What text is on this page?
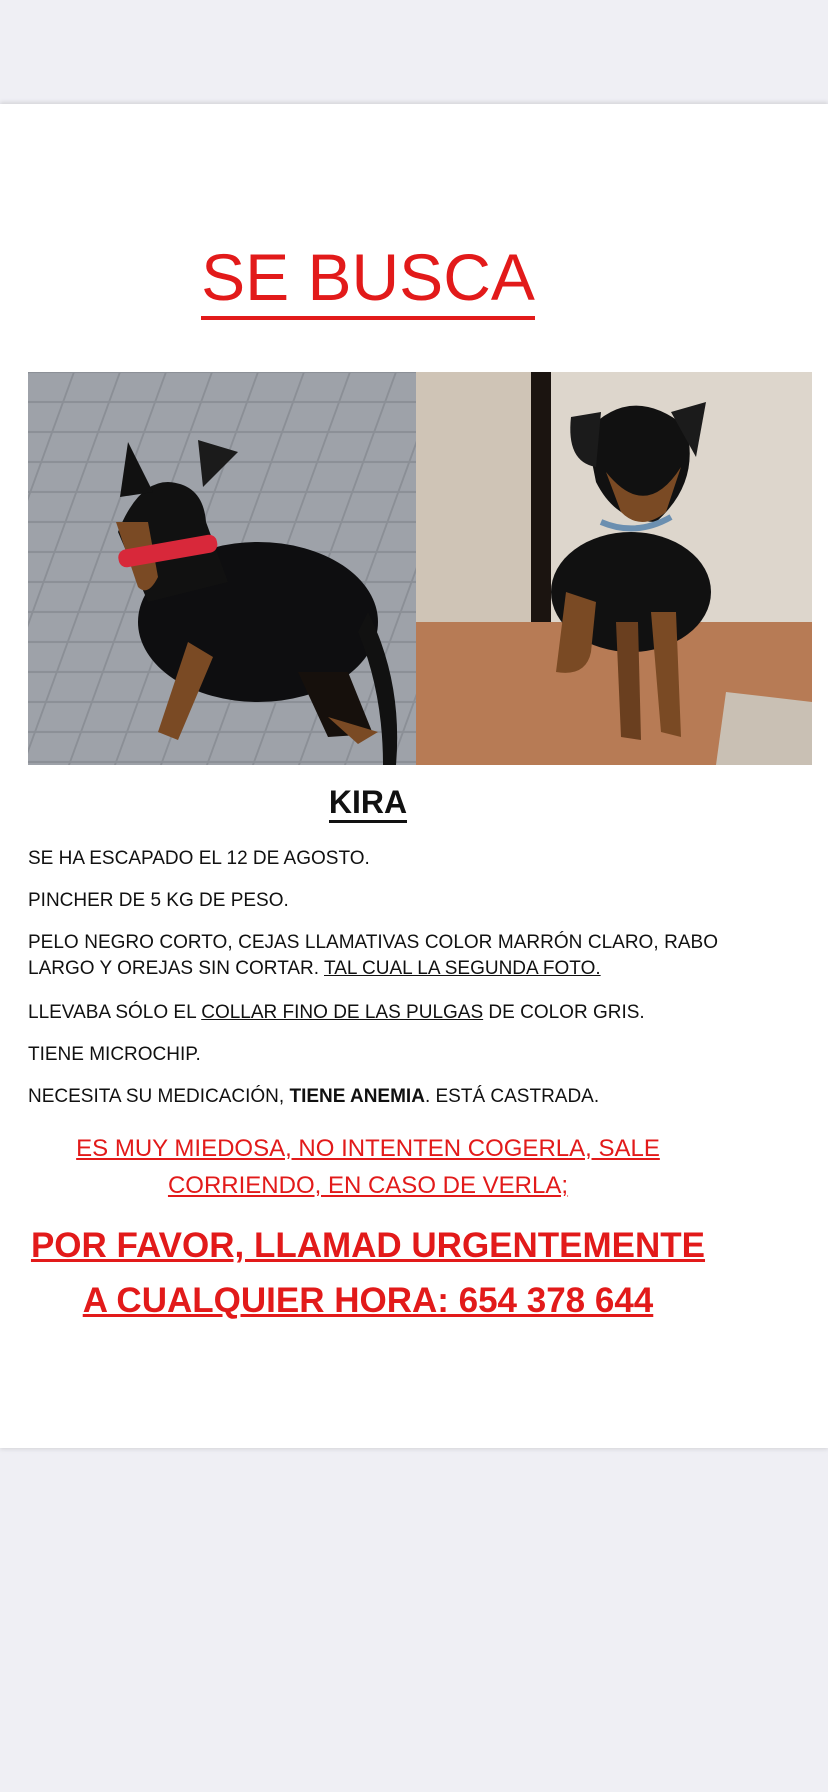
SE BUSCA
KIRA
SE HA ESCAPADO EL 12 DE AGOSTO.
PINCHER DE 5 KG DE PESO.
PELO NEGRO CORTO, CEJAS LLAMATIVAS COLOR MARRÓN CLARO, RABO LARGO Y OREJAS SIN CORTAR. TAL CUAL LA SEGUNDA FOTO.
LLEVABA SÓLO EL COLLAR FINO DE LAS PULGAS DE COLOR GRIS.
TIENE MICROCHIP.
NECESITA SU MEDICACIÓN, TIENE ANEMIA. ESTÁ CASTRADA.
ES MUY MIEDOSA, NO INTENTEN COGERLA, SALE
CORRIENDO, EN CASO DE VERLA;
POR FAVOR, LLAMAD URGENTEMENTE
A CUALQUIER HORA: 654 378 644
